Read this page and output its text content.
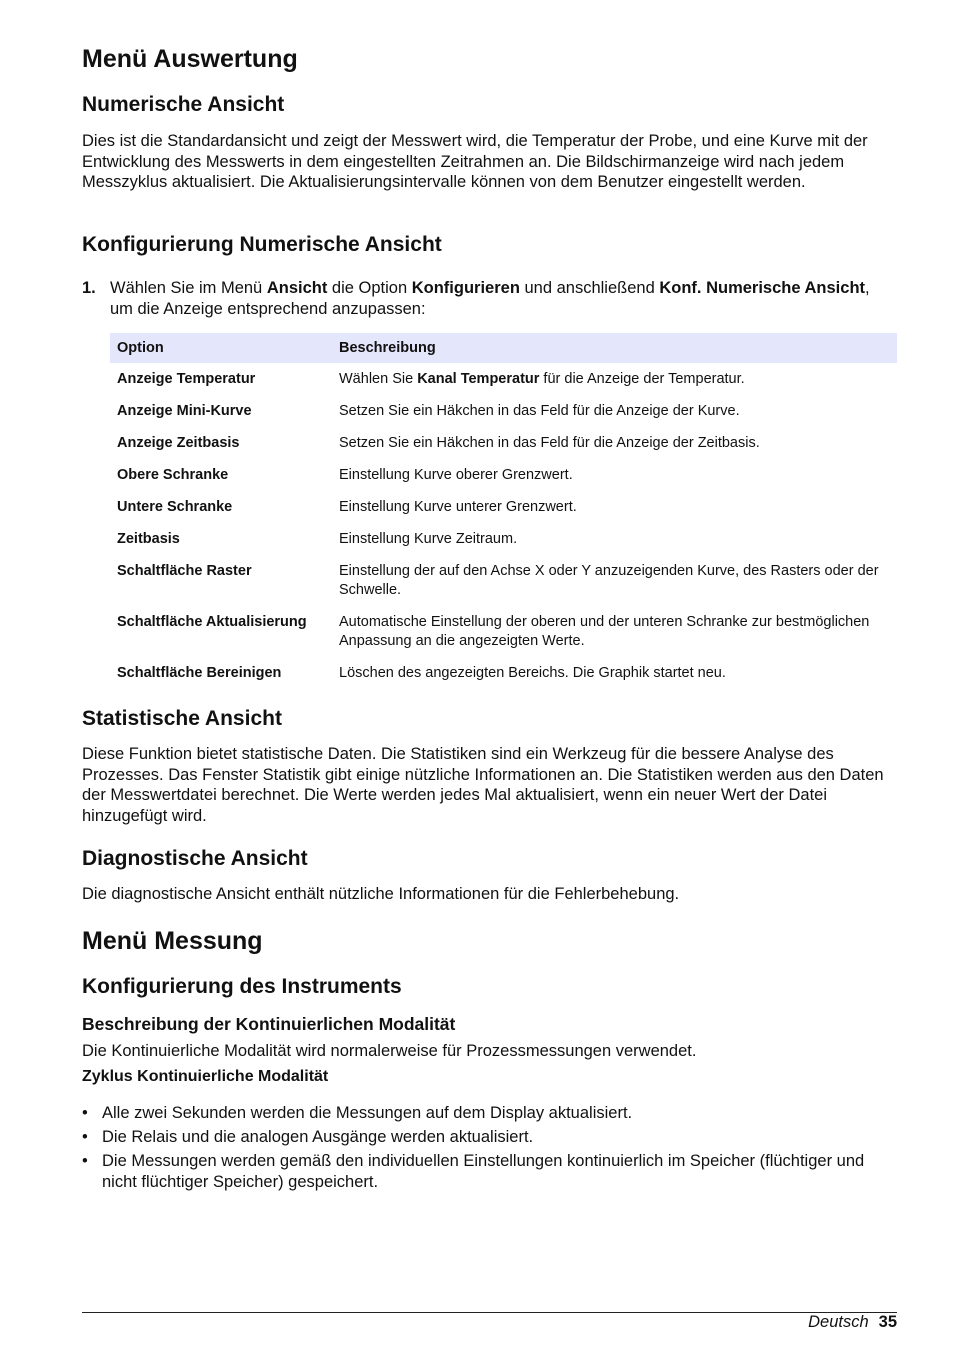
Menü Auswertung
Numerische Ansicht

Dies ist die Standardansicht und zeigt der Messwert wird, die Temperatur der Probe, und eine Kurve mit der Entwicklung des Messwerts in dem eingestellten Zeitrahmen an. Die Bildschirmanzeige wird nach jedem Messzyklus aktualisiert. Die Aktualisierungsintervalle können von dem Benutzer eingestellt werden.

Konfigurierung Numerische Ansicht
1. Wählen Sie im Menü Ansicht die Option Konfigurieren und anschließend Konf. Numerische Ansicht, um die Anzeige entsprechend anzupassen:
Option	Beschreibung
Anzeige Temperatur	Wählen Sie Kanal Temperatur für die Anzeige der Temperatur.
Anzeige Mini-Kurve	Setzen Sie ein Häkchen in das Feld für die Anzeige der Kurve.
Anzeige Zeitbasis	Setzen Sie ein Häkchen in das Feld für die Anzeige der Zeitbasis.
Obere Schranke	Einstellung Kurve oberer Grenzwert.
Untere Schranke	Einstellung Kurve unterer Grenzwert.
Zeitbasis	Einstellung Kurve Zeitraum.
Schaltfläche Raster	Einstellung der auf den Achse X oder Y anzuzeigenden Kurve, des Rasters oder der Schwelle.
Schaltfläche Aktualisierung	Automatische Einstellung der oberen und der unteren Schranke zur bestmöglichen Anpassung an die angezeigten Werte.
Schaltfläche Bereinigen	Löschen des angezeigten Bereichs. Die Graphik startet neu.
Statistische Ansicht

Diese Funktion bietet statistische Daten. Die Statistiken sind ein Werkzeug für die bessere Analyse des Prozesses. Das Fenster Statistik gibt einige nützliche Informationen an. Die Statistiken werden aus den Daten der Messwertdatei berechnet. Die Werte werden jedes Mal aktualisiert, wenn ein neuer Wert der Datei hinzugefügt wird.

Diagnostische Ansicht

Die diagnostische Ansicht enthält nützliche Informationen für die Fehlerbehebung.

Menü Messung
Konfigurierung des Instruments
Beschreibung der Kontinuierlichen Modalität

Die Kontinuierliche Modalität wird normalerweise für Prozessmessungen verwendet.

Zyklus Kontinuierliche Modalität
• Alle zwei Sekunden werden die Messungen auf dem Display aktualisiert.
• Die Relais und die analogen Ausgänge werden aktualisiert.
• Die Messungen werden gemäß den individuellen Einstellungen kontinuierlich im Speicher (flüchtiger und nicht flüchtiger Speicher) gespeichert.
Deutsch 35
